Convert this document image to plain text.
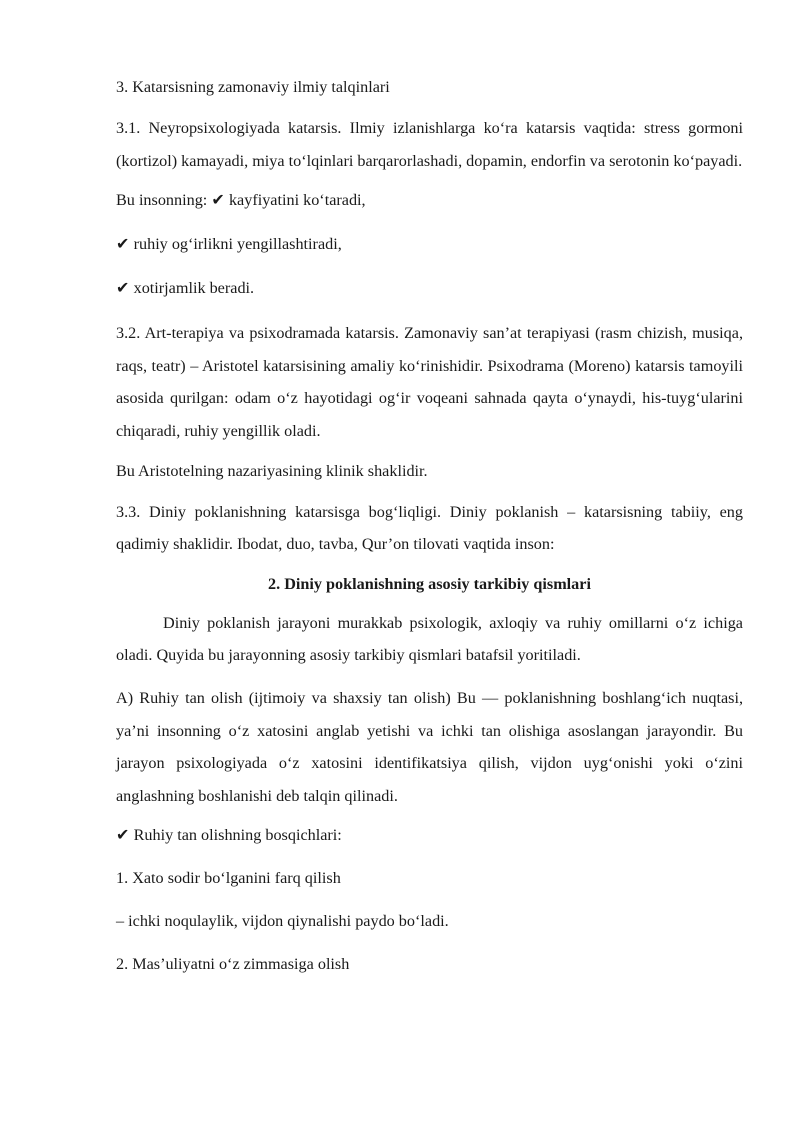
3. Katarsisning zamonaviy ilmiy talqinlari

3.1. Neyropsixologiyada katarsis. Ilmiy izlanishlarga ko‘ra katarsis vaqtida: stress gormoni (kortizol) kamayadi, miya to‘lqinlari barqarorlashadi, dopamin, endorfin va serotonin ko‘payadi.

Bu insonning: ✔ kayfiyatini ko‘taradi,

✔ ruhiy og‘irlikni yengillashtiradi,

✔ xotirjamlik beradi.

3.2. Art-terapiya va psixodramada katarsis. Zamonaviy san’at terapiyasi (rasm chizish, musiqa, raqs, teatr) – Aristotel katarsisining amaliy ko‘rinishidir. Psixodrama (Moreno) katarsis tamoyili asosida qurilgan: odam o‘z hayotidagi og‘ir voqeani sahnada qayta o‘ynaydi, his-tuyg‘ularini chiqaradi, ruhiy yengillik oladi.

Bu Aristotelning nazariyasining klinik shaklidir.

3.3. Diniy poklanishning katarsisga bog‘liqligi. Diniy poklanish – katarsisning tabiiy, eng qadimiy shaklidir. Ibodat, duo, tavba, Qur’on tilovati vaqtida inson:

2. Diniy poklanishning asosiy tarkibiy qismlari

Diniy poklanish jarayoni murakkab psixologik, axloqiy va ruhiy omillarni o‘z ichiga oladi. Quyida bu jarayonning asosiy tarkibiy qismlari batafsil yoritiladi.

A) Ruhiy tan olish (ijtimoiy va shaxsiy tan olish) Bu — poklanishning boshlang‘ich nuqtasi, ya’ni insonning o‘z xatosini anglab yetishi va ichki tan olishiga asoslangan jarayondir. Bu jarayon psixologiyada o‘z xatosini identifikatsiya qilish, vijdon uyg‘onishi yoki o‘zini anglashning boshlanishi deb talqin qilinadi.

✔ Ruhiy tan olishning bosqichlari:

1. Xato sodir bo‘lganini farq qilish

– ichki noqulaylik, vijdon qiynalishi paydo bo‘ladi.

2. Mas’uliyatni o‘z zimmasiga olish
